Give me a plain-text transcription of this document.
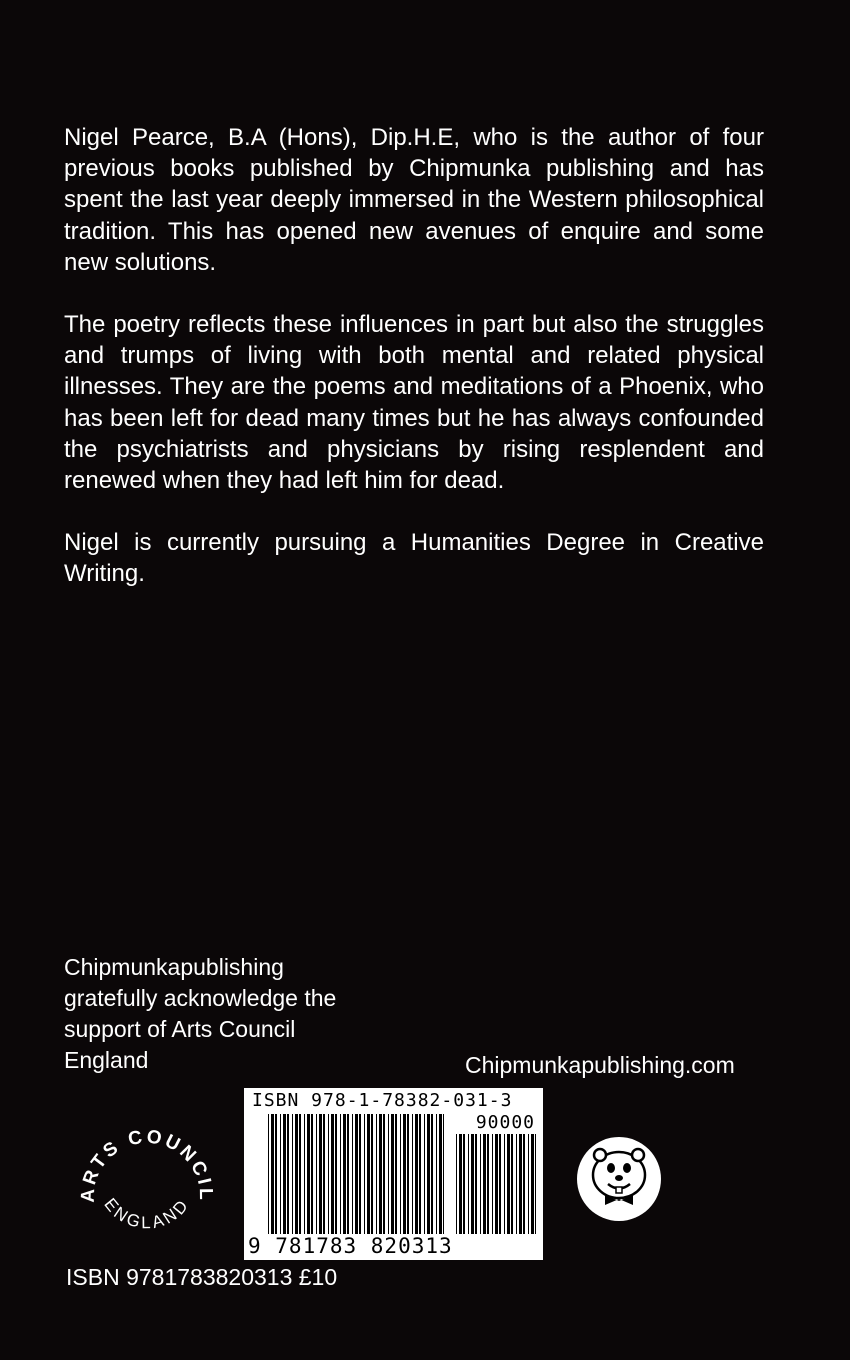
Nigel Pearce, B.A (Hons), Dip.H.E, who is the author of four previous books published by Chipmunka publishing and has spent the last year deeply immersed in the Western philosophical tradition. This has opened new avenues of enquire and some new solutions.

The poetry reflects these influences in part but also the struggles and trumps of living with both mental and related physical illnesses. They are the poems and meditations of a Phoenix, who has been left for dead many times but he has always confounded the psychiatrists and physicians by rising resplendent and renewed when they had left him for dead.

Nigel is currently pursuing a Humanities Degree in Creative Writing.

Chipmunkapublishing
gratefully acknowledge the
support of Arts Council
England	Chipmunkapublishing.com
ARTS COUNCIL
ENGLAND
ISBN 978-1-78382-031-3
90000
9 781783 820313
ISBN 9781783820313 £10
